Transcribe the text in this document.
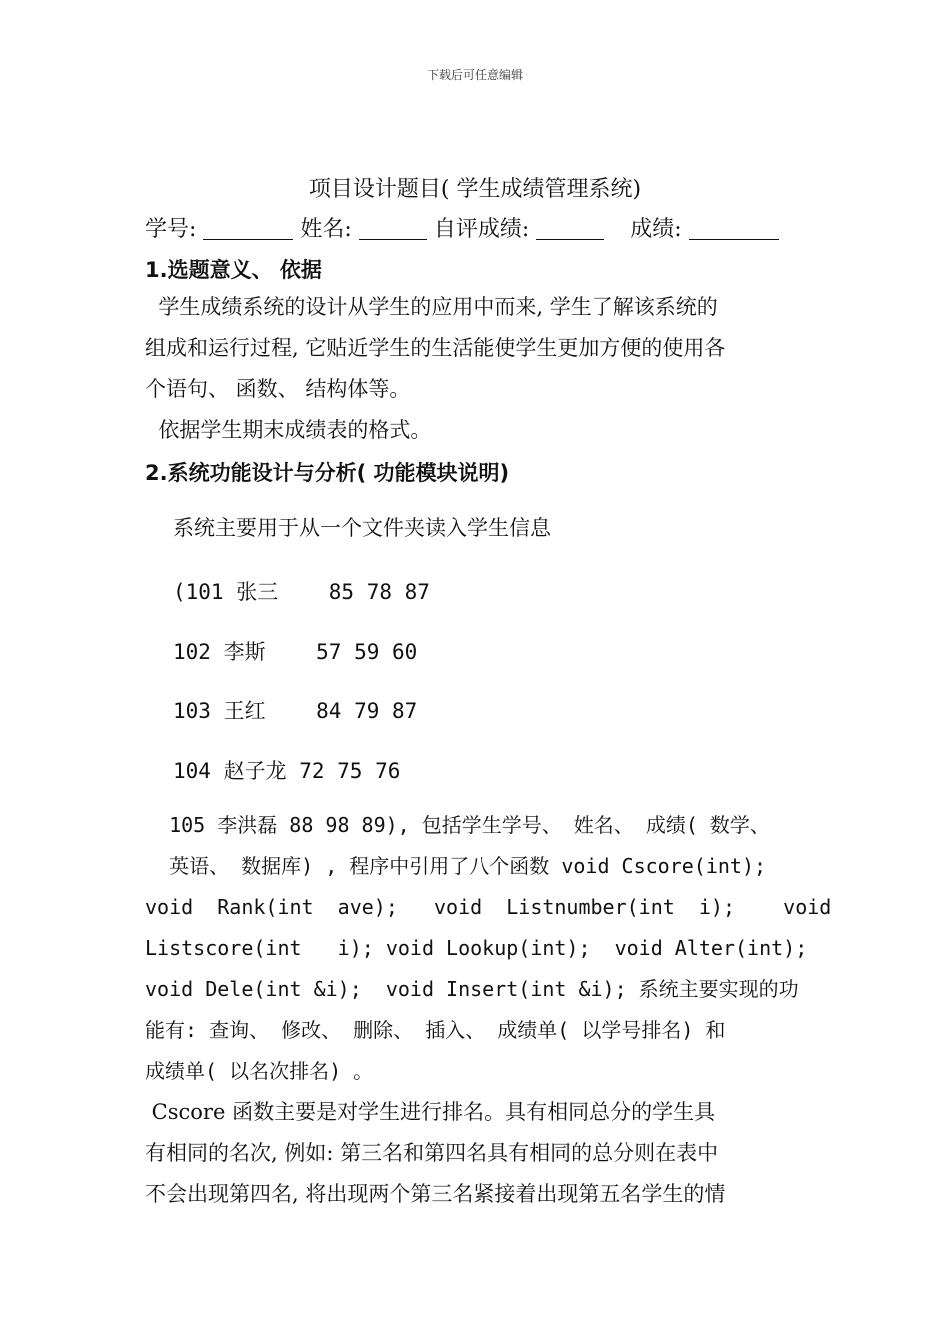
下载后可任意编辑
项目设计题目( 学生成绩管理系统)
学号:	姓名:	自评成绩:	成绩:
1.选题意义、 依据
学生成绩系统的设计从学生的应用中而来, 学生了解该系统的
组成和运行过程, 它贴近学生的生活能使学生更加方便的使用各
个语句、 函数、 结构体等。
依据学生期末成绩表的格式。
2.系统功能设计与分析( 功能模块说明)
系统主要用于从一个文件夹读入学生信息
(101 张三    85 78 87
102 李斯    57 59 60
103 王红    84 79 87
104 赵子龙 72 75 76
105 李洪磊 88 98 89), 包括学生学号、 姓名、 成绩( 数学、
英语、 数据库) , 程序中引用了八个函数 void Cscore(int);
void  Rank(int  ave);   void  Listnumber(int  i);    void
Listscore(int   i); void Lookup(int);  void Alter(int);
void Dele(int &i);  void Insert(int &i); 系统主要实现的功
能有: 查询、 修改、 删除、 插入、 成绩单( 以学号排名) 和
成绩单( 以名次排名) 。
Cscore 函数主要是对学生进行排名。具有相同总分的学生具
有相同的名次, 例如: 第三名和第四名具有相同的总分则在表中
不会出现第四名, 将出现两个第三名紧接着出现第五名学生的情
